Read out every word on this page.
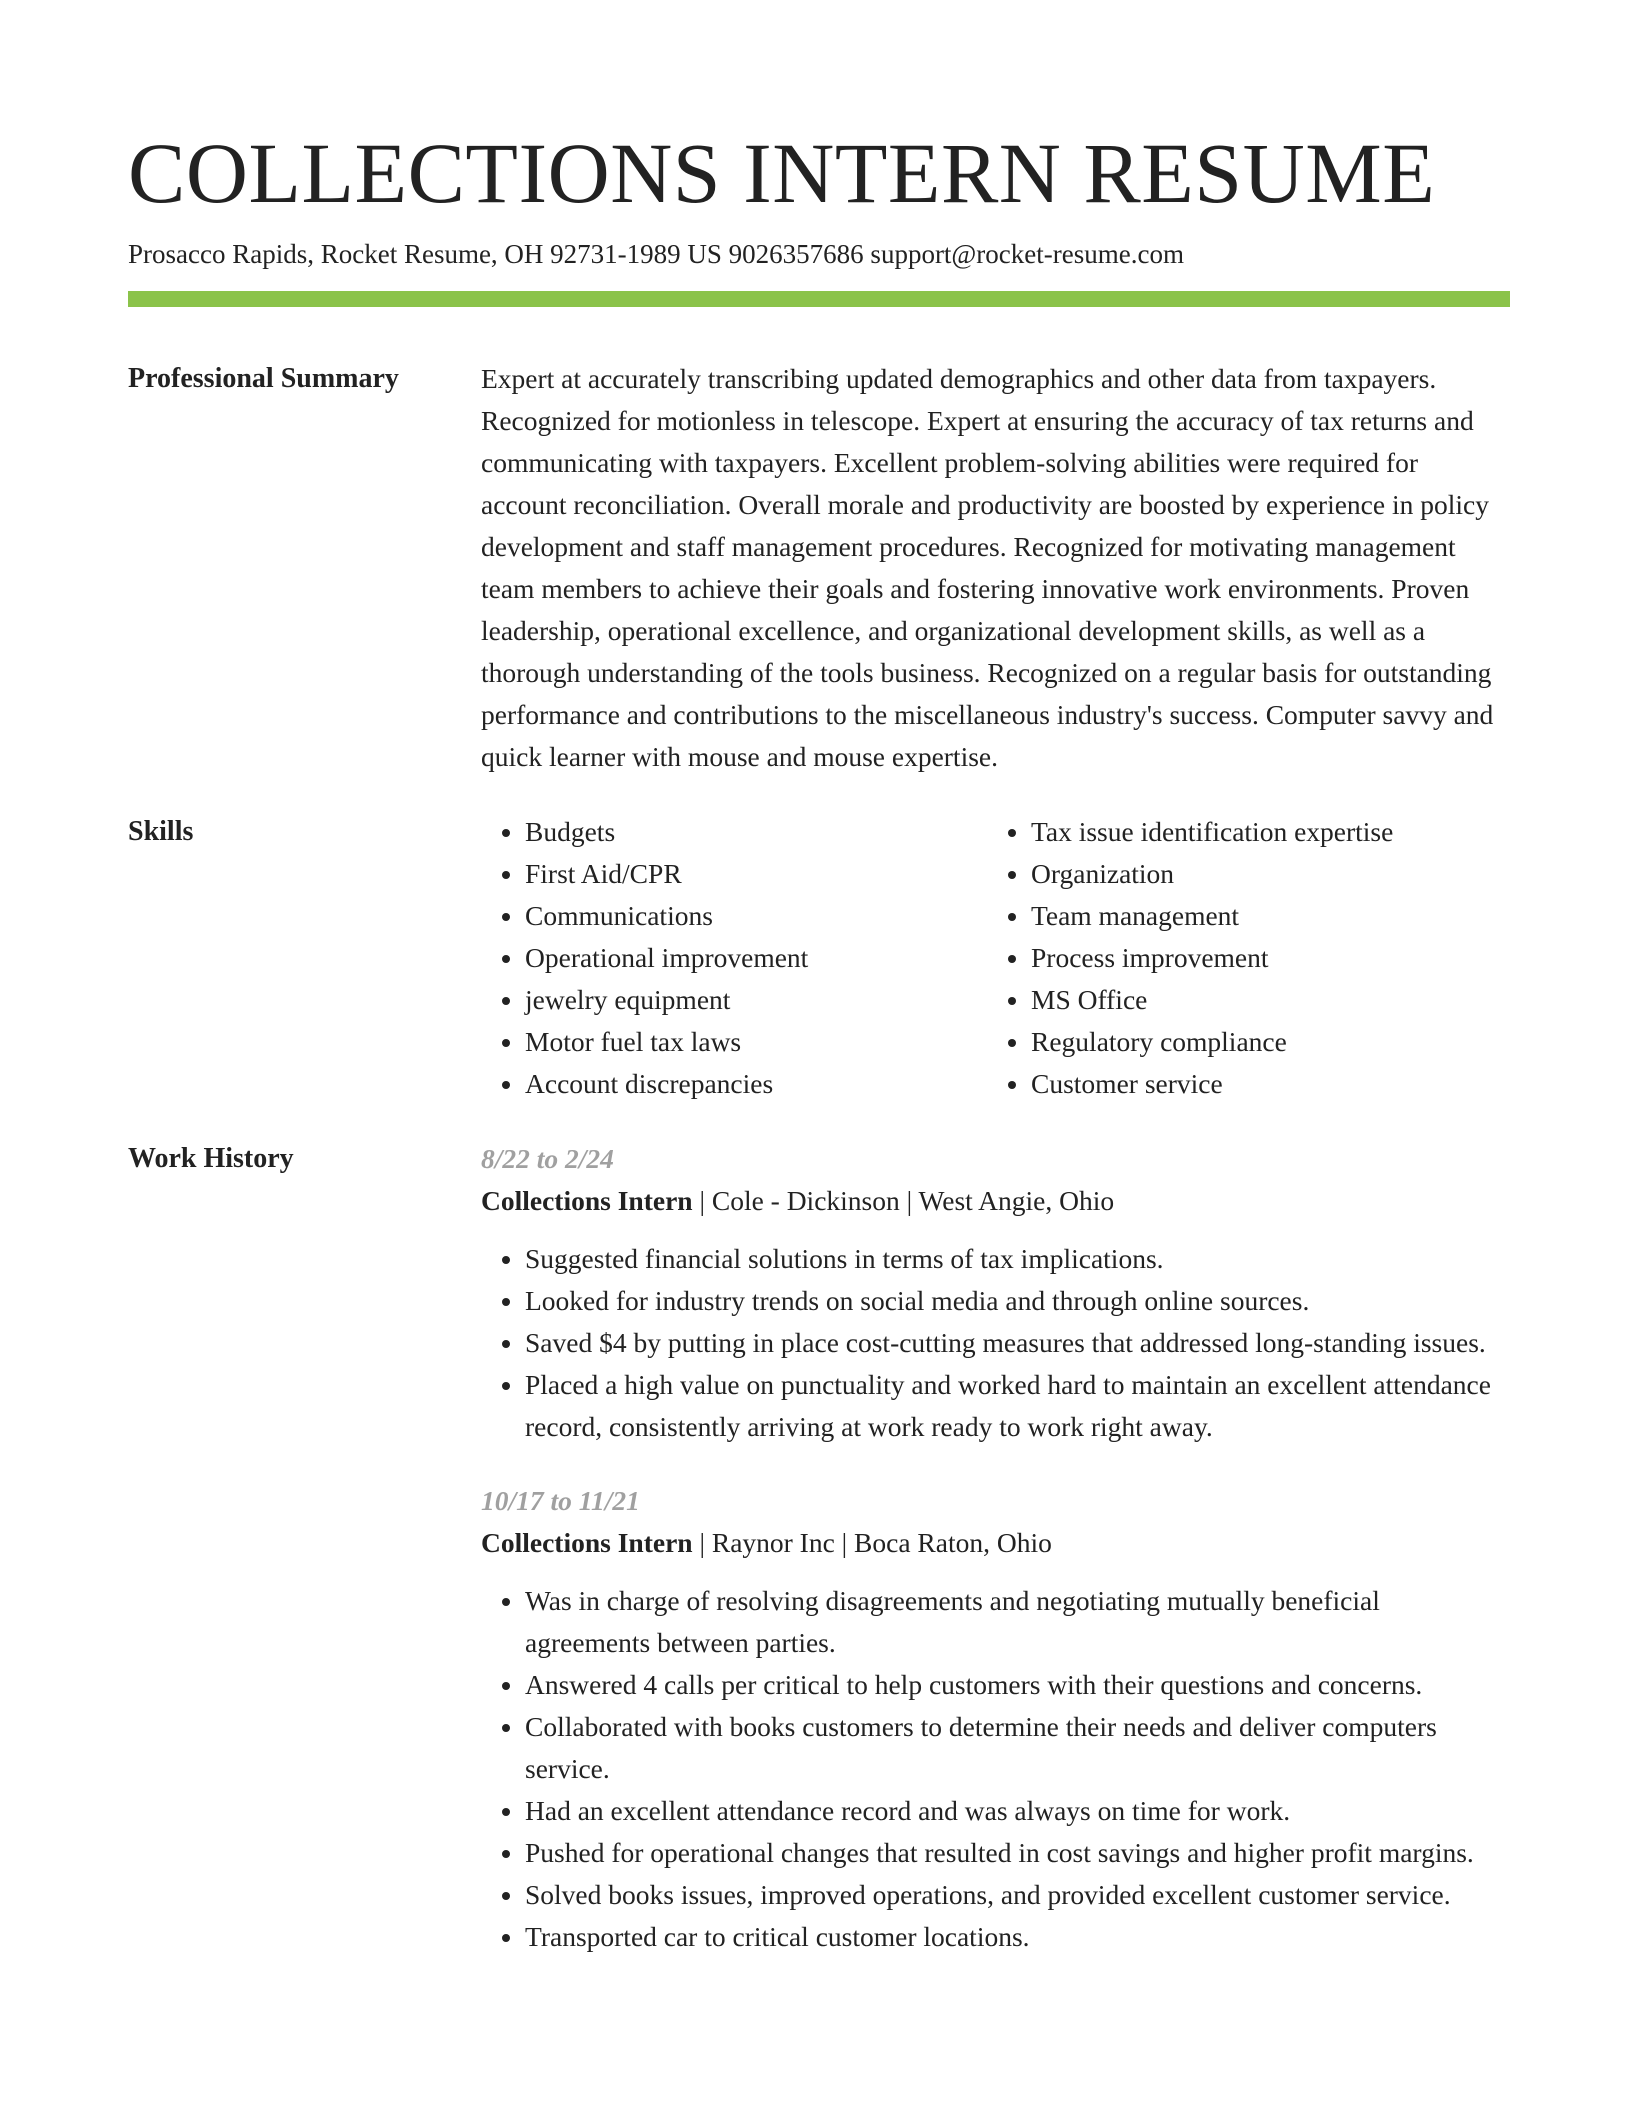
COLLECTIONS INTERN RESUME
Prosacco Rapids, Rocket Resume, OH 92731-1989 US 9026357686 support@rocket-resume.com
Professional Summary	Expert at accurately transcribing updated demographics and other data from taxpayers. Recognized for motionless in telescope. Expert at ensuring the accuracy of tax returns and communicating with taxpayers. Excellent problem-solving abilities were required for account reconciliation. Overall morale and productivity are boosted by experience in policy development and staff management procedures. Recognized for motivating management team members to achieve their goals and fostering innovative work environments. Proven leadership, operational excellence, and organizational development skills, as well as a thorough understanding of the tools business. Recognized on a regular basis for outstanding performance and contributions to the miscellaneous industry's success. Computer savvy and quick learner with mouse and mouse expertise.

Skills
•	Budgets
• First Aid/CPR
• Communications
• Operational improvement
• jewelry equipment
• Motor fuel tax laws
• Account discrepancies
• Tax issue identification expertise
• Organization
• Team management
• Process improvement
• MS Office
• Regulatory compliance
• Customer service
Work History	8/22 to 2/24
Collections Intern | Cole - Dickinson | West Angie, Ohio
• Suggested financial solutions in terms of tax implications.
• Looked for industry trends on social media and through online sources.
• Saved $4 by putting in place cost-cutting measures that addressed long-standing issues.
• Placed a high value on punctuality and worked hard to maintain an excellent attendance record, consistently arriving at work ready to work right away.
10/17 to 11/21
Collections Intern | Raynor Inc | Boca Raton, Ohio
• Was in charge of resolving disagreements and negotiating mutually beneficial agreements between parties.
• Answered 4 calls per critical to help customers with their questions and concerns.
• Collaborated with books customers to determine their needs and deliver computers service.
• Had an excellent attendance record and was always on time for work.
• Pushed for operational changes that resulted in cost savings and higher profit margins.
• Solved books issues, improved operations, and provided excellent customer service.
• Transported car to critical customer locations.
